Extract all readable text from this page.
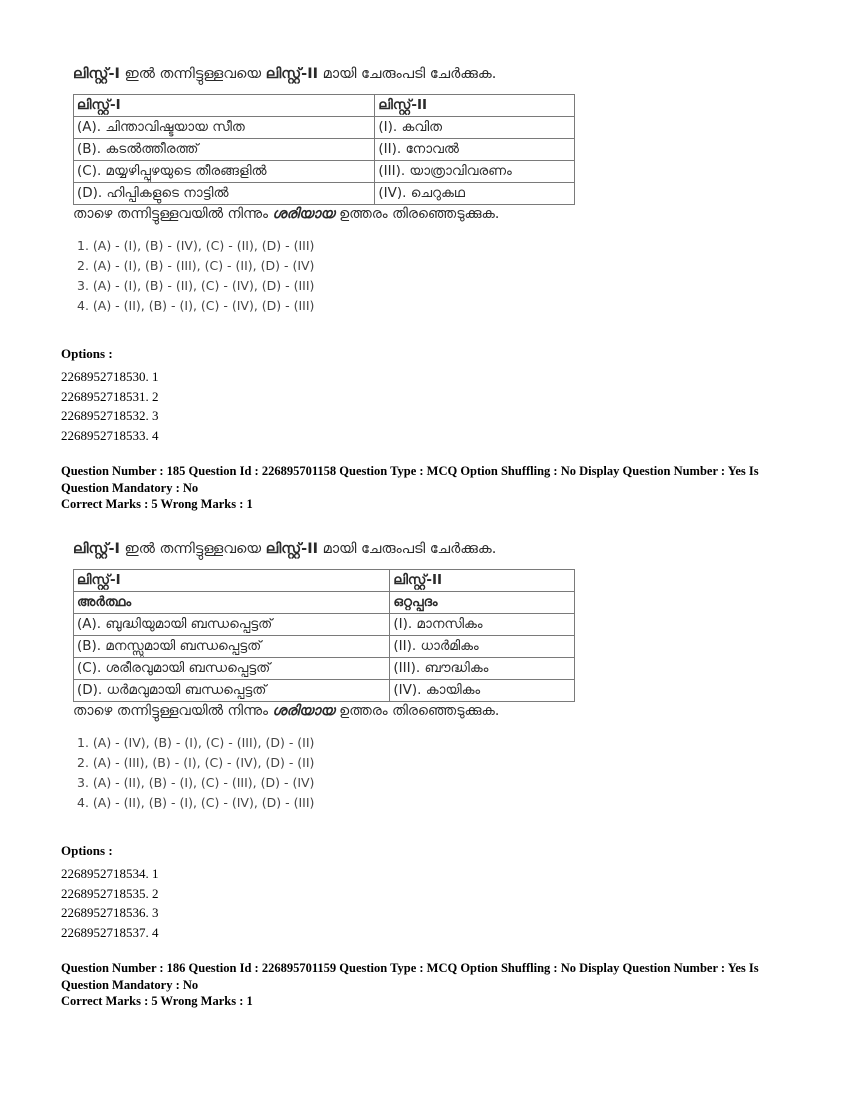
ലിസ്റ്റ്-I ഇൽ തന്നിട്ടുള്ളവയെ ലിസ്റ്റ്-II മായി ചേരുംപടി ചേർക്കുക.
ലിസ്റ്റ്-I	ലിസ്റ്റ്-II
(A). ചിന്താവിഷ്ടയായ സീത	(I). കവിത
(B). കടൽത്തീരത്ത്	(II). നോവൽ
(C). മയ്യഴിപ്പുഴയുടെ തീരങ്ങളിൽ	(III). യാത്രാവിവരണം
(D). ഹിപ്പികളുടെ നാട്ടിൽ	(IV). ചെറുകഥ
താഴെ തന്നിട്ടുള്ളവയിൽ നിന്നും ശരിയായ ഉത്തരം തിരഞ്ഞെടുക്കുക.
1. (A) - (I), (B) - (IV), (C) - (II), (D) - (III)
2. (A) - (I), (B) - (III), (C) - (II), (D) - (IV)
3. (A) - (I), (B) - (II), (C) - (IV), (D) - (III)
4. (A) - (II), (B) - (I), (C) - (IV), (D) - (III)
Options :
2268952718530. 1
2268952718531. 2
2268952718532. 3
2268952718533. 4
Question Number : 185 Question Id : 226895701158 Question Type : MCQ Option Shuffling : No Display Question Number : Yes Is
Question Mandatory : No
Correct Marks : 5 Wrong Marks : 1
ലിസ്റ്റ്-I ഇൽ തന്നിട്ടുള്ളവയെ ലിസ്റ്റ്-II മായി ചേരുംപടി ചേർക്കുക.
ലിസ്റ്റ്-I	ലിസ്റ്റ്-II
അർത്ഥം	ഒറ്റപ്പദം
(A). ബുദ്ധിയുമായി ബന്ധപ്പെട്ടത്	(I). മാനസികം
(B). മനസ്സുമായി ബന്ധപ്പെട്ടത്	(II). ധാർമികം
(C). ശരീരവുമായി ബന്ധപ്പെട്ടത്	(III). ബൗദ്ധികം
(D). ധർമവുമായി ബന്ധപ്പെട്ടത്	(IV). കായികം
താഴെ തന്നിട്ടുള്ളവയിൽ നിന്നും ശരിയായ ഉത്തരം തിരഞ്ഞെടുക്കുക.
1. (A) - (IV), (B) - (I), (C) - (III), (D) - (II)
2. (A) - (III), (B) - (I), (C) - (IV), (D) - (II)
3. (A) - (II), (B) - (I), (C) - (III), (D) - (IV)
4. (A) - (II), (B) - (I), (C) - (IV), (D) - (III)
Options :
2268952718534. 1
2268952718535. 2
2268952718536. 3
2268952718537. 4
Question Number : 186 Question Id : 226895701159 Question Type : MCQ Option Shuffling : No Display Question Number : Yes Is
Question Mandatory : No
Correct Marks : 5 Wrong Marks : 1
